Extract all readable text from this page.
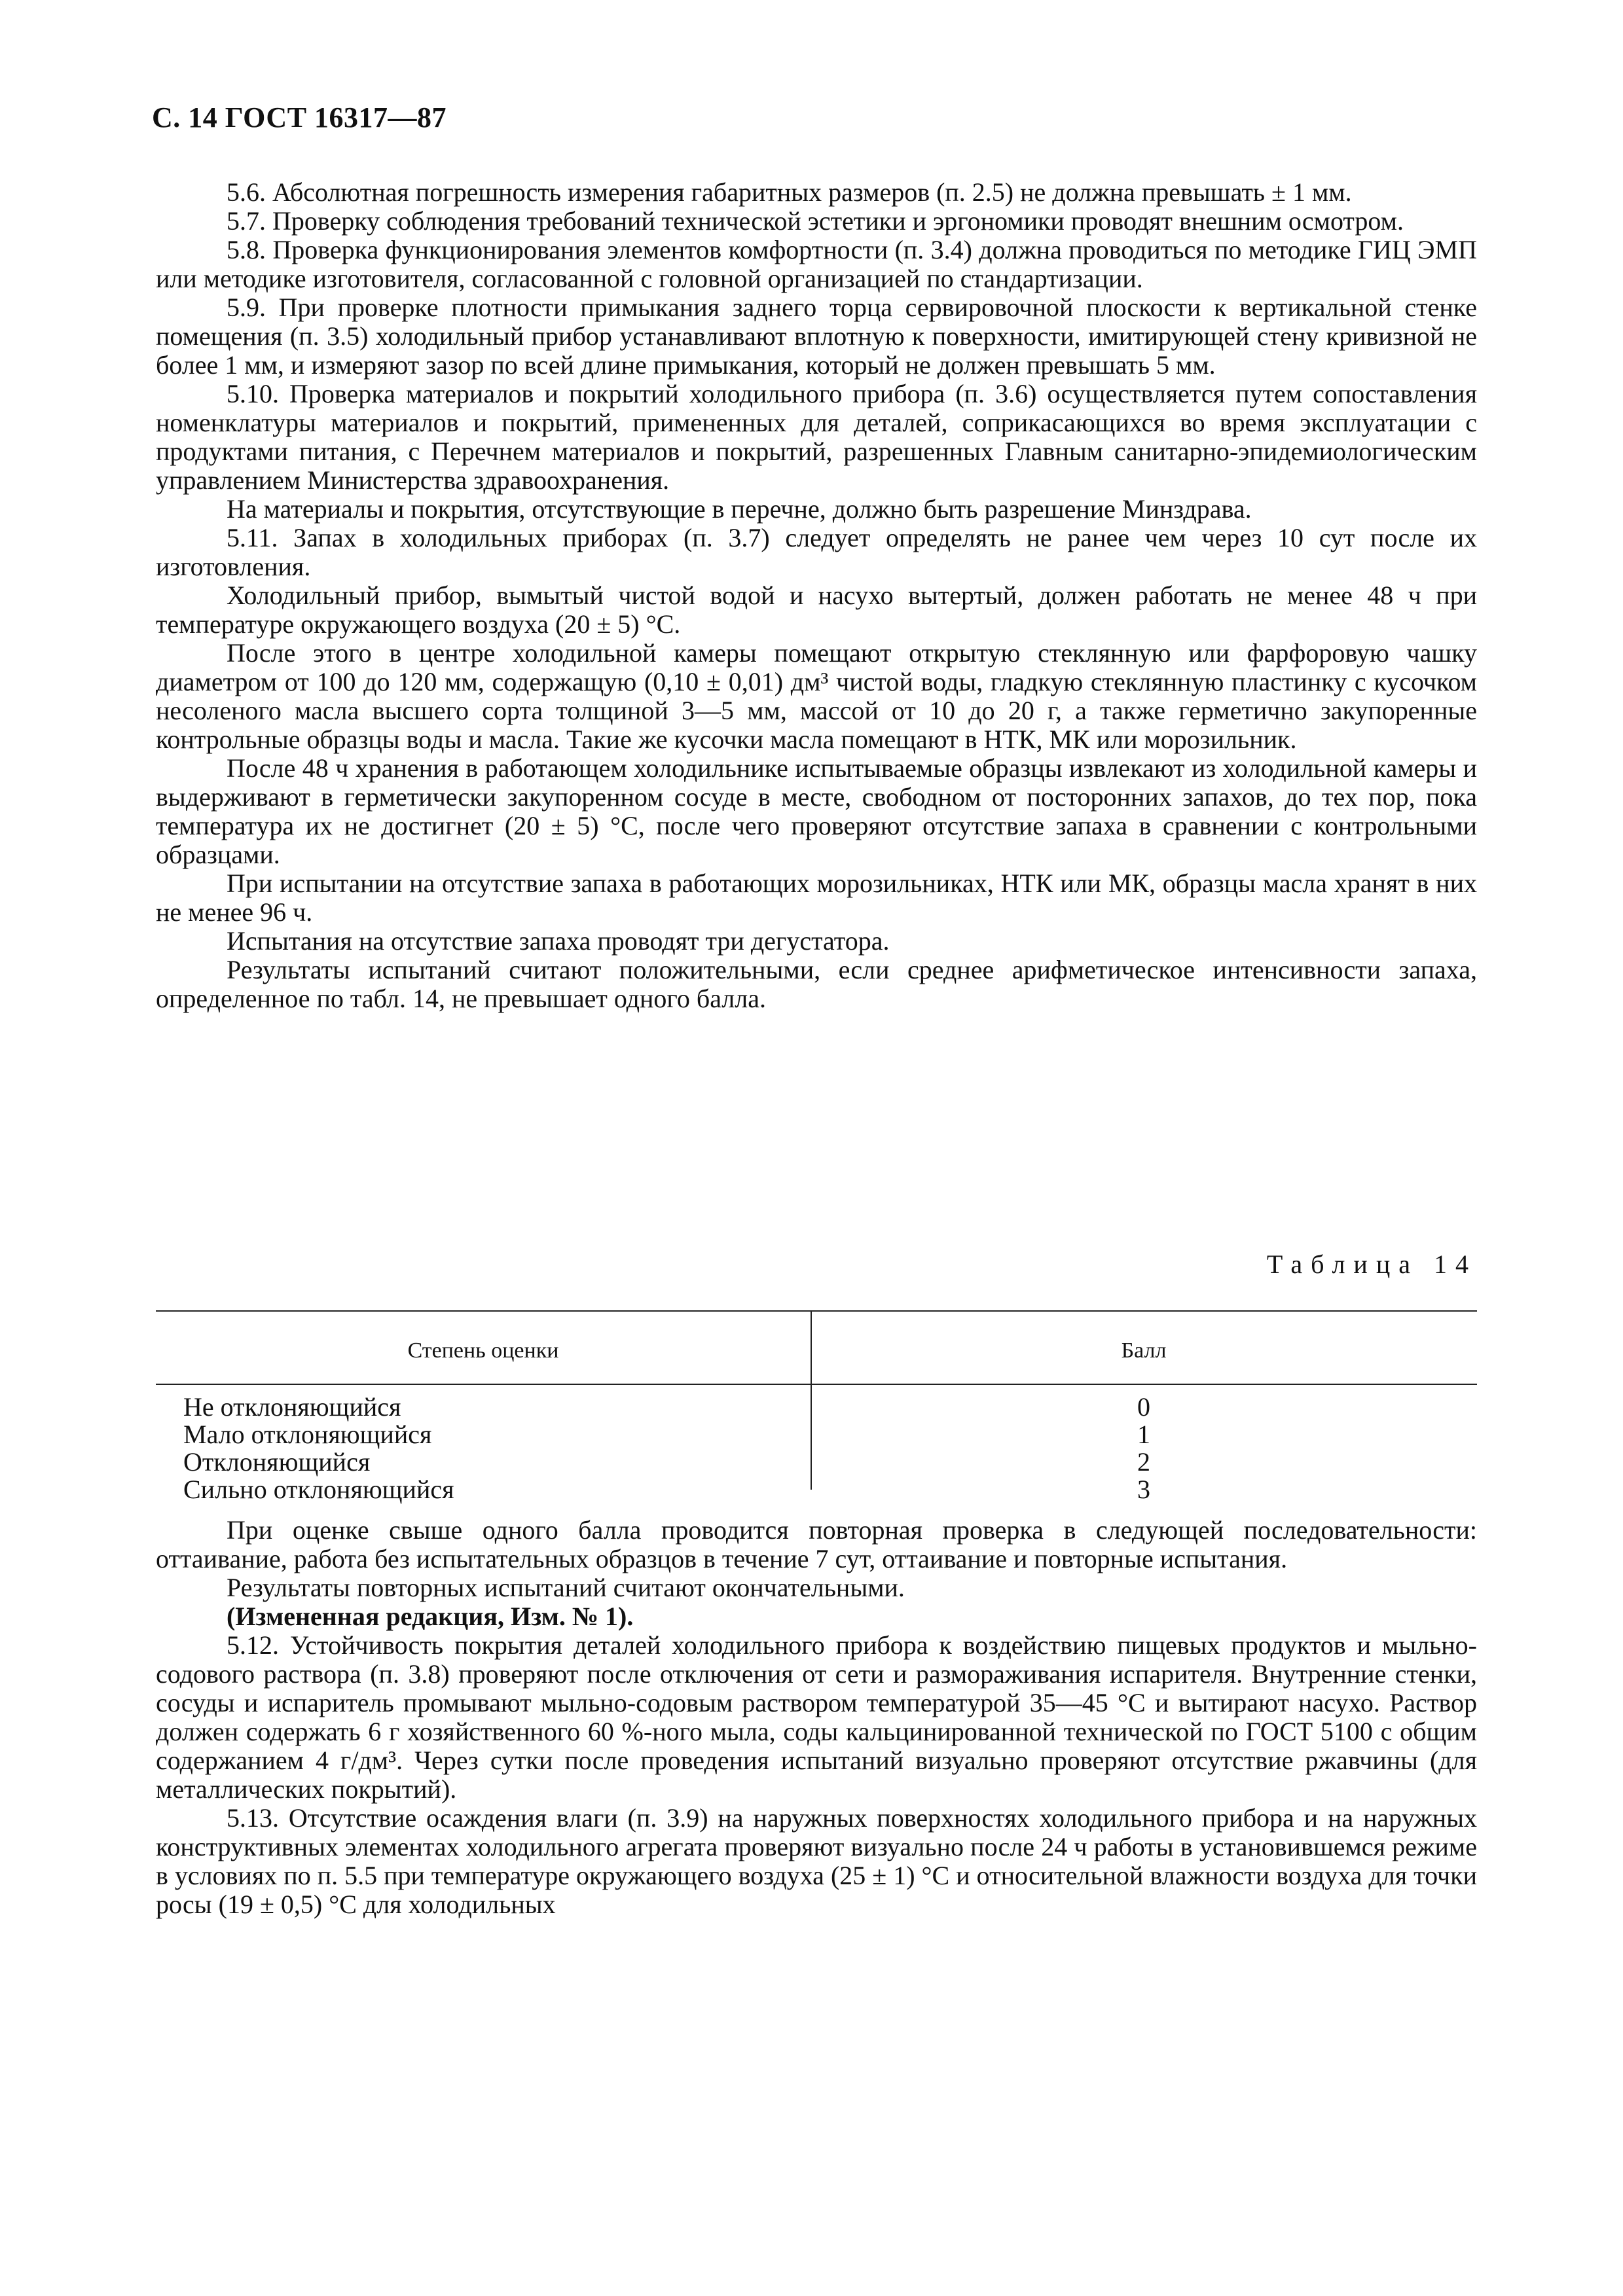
С. 14 ГОСТ 16317—87

5.6. Абсолютная погрешность измерения габаритных размеров (п. 2.5) не должна превышать ± 1 мм.

5.7. Проверку соблюдения требований технической эстетики и эргономики проводят внешним осмотром.

5.8. Проверка функционирования элементов комфортности (п. 3.4) должна проводиться по методике ГИЦ ЭМП или методике изготовителя, согласованной с головной организацией по стандартизации.

5.9. При проверке плотности примыкания заднего торца сервировочной плоскости к вертикальной стенке помещения (п. 3.5) холодильный прибор устанавливают вплотную к поверхности, имитирующей стену кривизной не более 1 мм, и измеряют зазор по всей длине примыкания, который не должен превышать 5 мм.

5.10. Проверка материалов и покрытий холодильного прибора (п. 3.6) осуществляется путем сопоставления номенклатуры материалов и покрытий, примененных для деталей, соприкасающихся во время эксплуатации с продуктами питания, с Перечнем материалов и покрытий, разрешенных Главным санитарно-эпидемиологическим управлением Министерства здравоохранения.

На материалы и покрытия, отсутствующие в перечне, должно быть разрешение Минздрава.

5.11. Запах в холодильных приборах (п. 3.7) следует определять не ранее чем через 10 сут после их изготовления.

Холодильный прибор, вымытый чистой водой и насухо вытертый, должен работать не менее 48 ч при температуре окружающего воздуха (20 ± 5) °С.

После этого в центре холодильной камеры помещают открытую стеклянную или фарфоровую чашку диаметром от 100 до 120 мм, содержащую (0,10 ± 0,01) дм³ чистой воды, гладкую стеклянную пластинку с кусочком несоленого масла высшего сорта толщиной 3—5 мм, массой от 10 до 20 г, а также герметично закупоренные контрольные образцы воды и масла. Такие же кусочки масла помещают в НТК, МК или морозильник.

После 48 ч хранения в работающем холодильнике испытываемые образцы извлекают из холодильной камеры и выдерживают в герметически закупоренном сосуде в месте, свободном от посторонних запахов, до тех пор, пока температура их не достигнет (20 ± 5) °С, после чего проверяют отсутствие запаха в сравнении с контрольными образцами.

При испытании на отсутствие запаха в работающих морозильниках, НТК или МК, образцы масла хранят в них не менее 96 ч.

Испытания на отсутствие запаха проводят три дегустатора.

Результаты испытаний считают положительными, если среднее арифметическое интенсивности запаха, определенное по табл. 14, не превышает одного балла.

Таблица 14
Степень оценки	Балл
Не отклоняющийся	0
Мало отклоняющийся	1
Отклоняющийся	2
Сильно отклоняющийся	3

При оценке свыше одного балла проводится повторная проверка в следующей последовательности: оттаивание, работа без испытательных образцов в течение 7 сут, оттаивание и повторные испытания.

Результаты повторных испытаний считают окончательными.

(Измененная редакция, Изм. № 1).

5.12. Устойчивость покрытия деталей холодильного прибора к воздействию пищевых продуктов и мыльно-содового раствора (п. 3.8) проверяют после отключения от сети и размораживания испарителя. Внутренние стенки, сосуды и испаритель промывают мыльно-содовым раствором температурой 35—45 °С и вытирают насухо. Раствор должен содержать 6 г хозяйственного 60 %-ного мыла, соды кальцинированной технической по ГОСТ 5100 с общим содержанием 4 г/дм³. Через сутки после проведения испытаний визуально проверяют отсутствие ржавчины (для металлических покрытий).

5.13. Отсутствие осаждения влаги (п. 3.9) на наружных поверхностях холодильного прибора и на наружных конструктивных элементах холодильного агрегата проверяют визуально после 24 ч работы в установившемся режиме в условиях по п. 5.5 при температуре окружающего воздуха (25 ± 1) °С и относительной влажности воздуха для точки росы (19 ± 0,5) °С для холодильных
